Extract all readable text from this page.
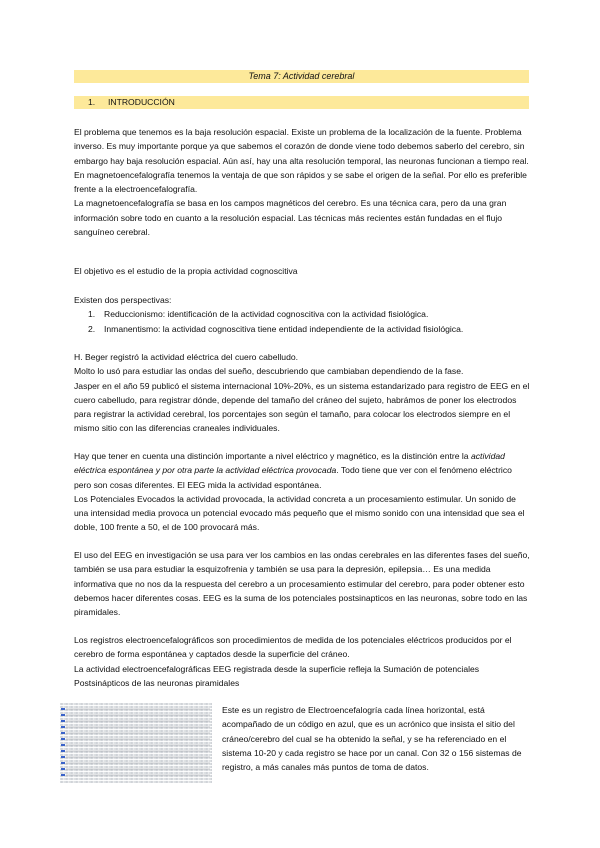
Tema 7: Actividad cerebral
1. INTRODUCCIÓN

El problema que tenemos es la baja resolución espacial. Existe un problema de la localización de la fuente. Problema inverso. Es muy importante porque ya que sabemos el corazón de donde viene todo debemos saberlo del cerebro, sin embargo hay baja resolución espacial. Aún así, hay una alta resolución temporal, las neuronas funcionan a tiempo real.

En magnetoencefalografía tenemos la ventaja de que son rápidos y se sabe el origen de la señal. Por ello es preferible frente a la electroencefalografía.

La magnetoencefalografía se basa en los campos magnéticos del cerebro. Es una técnica cara, pero da una gran información sobre todo en cuanto a la resolución espacial. Las técnicas más recientes están fundadas en el flujo sanguíneo cerebral.

El objetivo es el estudio de la propia actividad cognoscitiva

Existen dos perspectivas:

1. Reduccionismo: identificación de la actividad cognoscitiva con la actividad fisiológica.
2. Inmanentismo: la actividad cognoscitiva tiene entidad independiente de la actividad fisiológica.

H. Beger registró la actividad eléctrica del cuero cabelludo.

Molto lo usó para estudiar las ondas del sueño, descubriendo que cambiaban dependiendo de la fase.

Jasper en el año 59 publicó el sistema internacional 10%-20%, es un sistema estandarizado para registro de EEG en el cuero cabelludo, para registrar dónde, depende del tamaño del cráneo del sujeto, habrámos de poner los electrodos para registrar la actividad cerebral, los porcentajes son según el tamaño, para colocar los electrodos siempre en el mismo sitio con las diferencias craneales individuales.

Hay que tener en cuenta una distinción importante a nivel eléctrico y magnético, es la distinción entre la actividad eléctrica espontánea y por otra parte la actividad eléctrica provocada. Todo tiene que ver con el fenómeno eléctrico pero son cosas diferentes. El EEG mida la actividad espontánea.

Los Potenciales Evocados la actividad provocada, la actividad concreta a un procesamiento estimular. Un sonido de una intensidad media provoca un potencial evocado más pequeño que el mismo sonido con una intensidad que sea el doble, 100 frente a 50, el de 100 provocará más.

El uso del EEG en investigación se usa para ver los cambios en las ondas cerebrales en las diferentes fases del sueño, también se usa para estudiar la esquizofrenia y también se usa para la depresión, epilepsia… Es una medida informativa que no nos da la respuesta del cerebro a un procesamiento estimular del cerebro, para poder obtener esto debemos hacer diferentes cosas. EEG es la suma de los potenciales postsinapticos en las neuronas, sobre todo en las piramidales.

Los registros electroencefalográficos son procedimientos de medida de los potenciales eléctricos producidos por el cerebro de forma espontánea y captados desde la superficie del cráneo.

La actividad electroencefalográficas EEG registrada desde la superficie refleja la Sumación de potenciales Postsinápticos de las neuronas piramidales

Este es un registro de Electroencefalogría cada línea horizontal, está acompañado de un código en azul, que es un acrónico que insista el sitio del cráneo/cerebro del cual se ha obtenido la señal, y se ha referenciado en el sistema 10-20 y cada registro se hace por un canal. Con 32 o 156 sistemas de registro, a más canales más puntos de toma de datos.
